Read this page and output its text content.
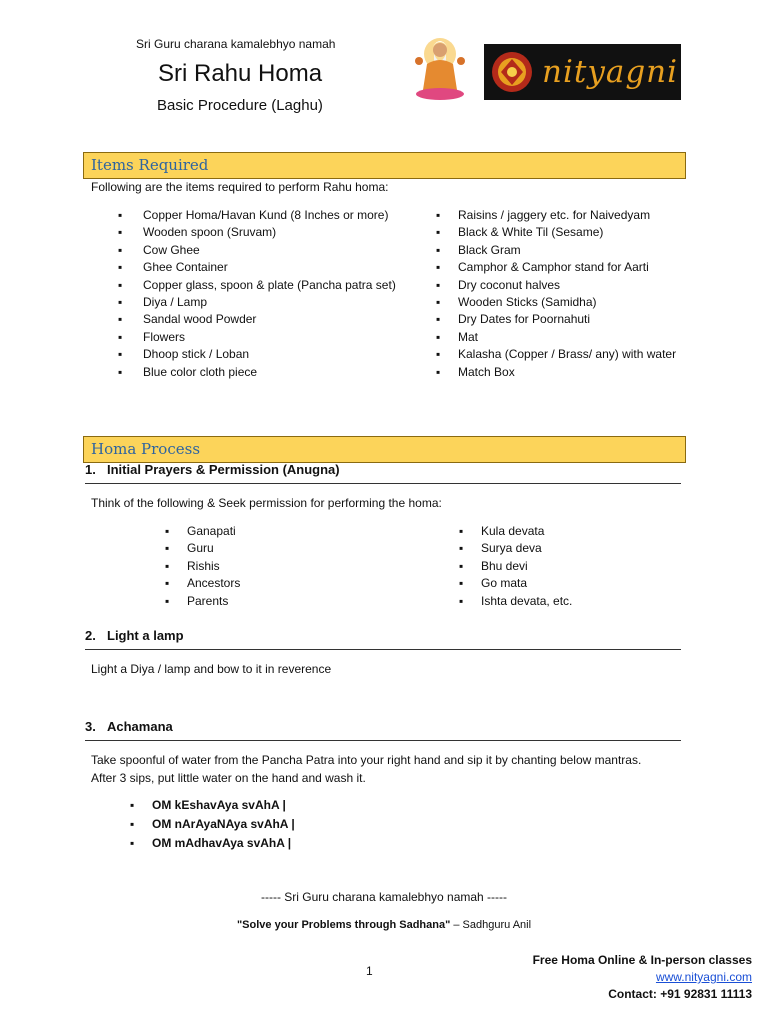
Sri Guru charana kamalebhyo namah
Sri Rahu Homa
Basic Procedure (Laghu)
nityagni
Items Required
Following are the items required to perform Rahu homa:
▪ Copper Homa/Havan Kund (8 Inches or more)
▪ Wooden spoon (Sruvam)
▪ Cow Ghee
▪ Ghee Container
▪ Copper glass, spoon & plate (Pancha patra set)
▪ Diya / Lamp
▪ Sandal wood Powder
▪ Flowers
▪ Dhoop stick / Loban
▪ Blue color cloth piece
▪ Raisins / jaggery etc. for Naivedyam
▪ Black & White Til (Sesame)
▪ Black Gram
▪ Camphor & Camphor stand for Aarti
▪ Dry coconut halves
▪ Wooden Sticks (Samidha)
▪ Dry Dates for Poornahuti
▪ Mat
▪ Kalasha (Copper / Brass/ any) with water
▪ Match Box
Homa Process
1. Initial Prayers & Permission (Anugna)
Think of the following & Seek permission for performing the homa:
▪ Ganapati
▪ Guru
▪ Rishis
▪ Ancestors
▪ Parents
▪ Kula devata
▪ Surya deva
▪ Bhu devi
▪ Go mata
▪ Ishta devata, etc.
2. Light a lamp
Light a Diya / lamp and bow to it in reverence
3. Achamana
Take spoonful of water from the Pancha Patra into your right hand and sip it by chanting below mantras.
After 3 sips, put little water on the hand and wash it.
▪ OM kEshavAya svAhA |
▪ OM nArAyaNAya svAhA |
▪ OM mAdhavAya svAhA |
----- Sri Guru charana kamalebhyo namah -----
"Solve your Problems through Sadhana" – Sadhguru Anil
1
Free Homa Online & In-person classes
www.nityagni.com
Contact: +91 92831 11113
